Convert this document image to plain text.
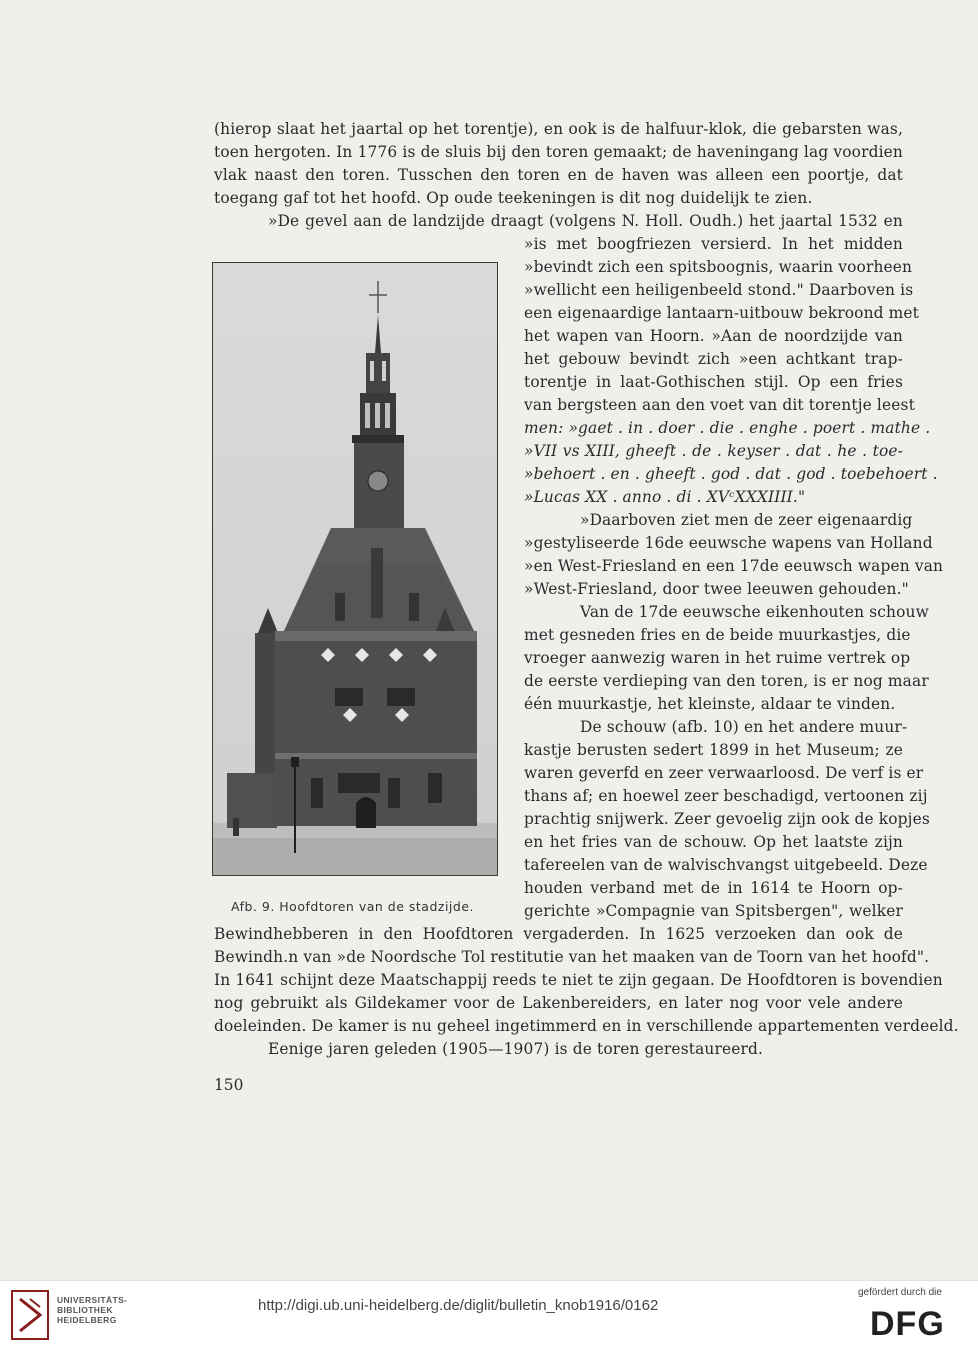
(hierop slaat het jaartal op het torentje), en ook is de halfuur-klok, die gebarsten was,
toen hergoten. In 1776 is de sluis bij den toren gemaakt; de haveningang lag voordien
vlak naast den toren. Tusschen den toren en de haven was alleen een poortje, dat
toegang gaf tot het hoofd. Op oude teekeningen is dit nog duidelijk te zien.
»De gevel aan de landzijde draagt (volgens N. Holl. Oudh.) het jaartal 1532 en
»is met boogfriezen versierd. In het midden
»bevindt zich een spitsboognis, waarin voorheen
»wellicht een heiligenbeeld stond." Daarboven is
een eigenaardige lantaarn-uitbouw bekroond met
het wapen van Hoorn. »Aan de noordzijde van
het gebouw bevindt zich »een achtkant trap-
torentje in laat-Gothischen stijl. Op een fries
van bergsteen aan den voet van dit torentje leest
men: »gaet . in . doer . die . enghe . poert . mathe .
»VII vs XIII, gheeft . de . keyser . dat . he . toe-
»behoert . en . gheeft . god . dat . god . toebehoert .
»Lucas XX . anno . di . XVᶜXXXIIII."
»Daarboven ziet men de zeer eigenaardig
»gestyliseerde 16de eeuwsche wapens van Holland
»en West-Friesland en een 17de eeuwsch wapen van
»West-Friesland, door twee leeuwen gehouden."
Van de 17de eeuwsche eikenhouten schouw
met gesneden fries en de beide muurkastjes, die
vroeger aanwezig waren in het ruime vertrek op
de eerste verdieping van den toren, is er nog maar
één muurkastje, het kleinste, aldaar te vinden.
De schouw (afb. 10) en het andere muur-
kastje berusten sedert 1899 in het Museum; ze
waren geverfd en zeer verwaarloosd. De verf is er
thans af; en hoewel zeer beschadigd, vertoonen zij
prachtig snijwerk. Zeer gevoelig zijn ook de kopjes
en het fries van de schouw. Op het laatste zijn
tafereelen van de walvischvangst uitgebeeld. Deze
houden verband met de in 1614 te Hoorn op-
gerichte »Compagnie van Spitsbergen", welker
Bewindhebberen in den Hoofdtoren vergaderden. In 1625 verzoeken dan ook de
Bewindh.n van »de Noordsche Tol restitutie van het maaken van de Toorn van het hoofd".
In 1641 schijnt deze Maatschappij reeds te niet te zijn gegaan. De Hoofdtoren is bovendien
nog gebruikt als Gildekamer voor de Lakenbereiders, en later nog voor vele andere
doeleinden. De kamer is nu geheel ingetimmerd en in verschillende appartementen verdeeld.
Eenige jaren geleden (1905—1907) is de toren gerestaureerd.
Afb. 9. Hoofdtoren van de stadzijde.
150
UNIVERSITÄTS-
BIBLIOTHEK
HEIDELBERG
http://digi.ub.uni-heidelberg.de/diglit/bulletin_knob1916/0162
gefördert durch die
DFG
